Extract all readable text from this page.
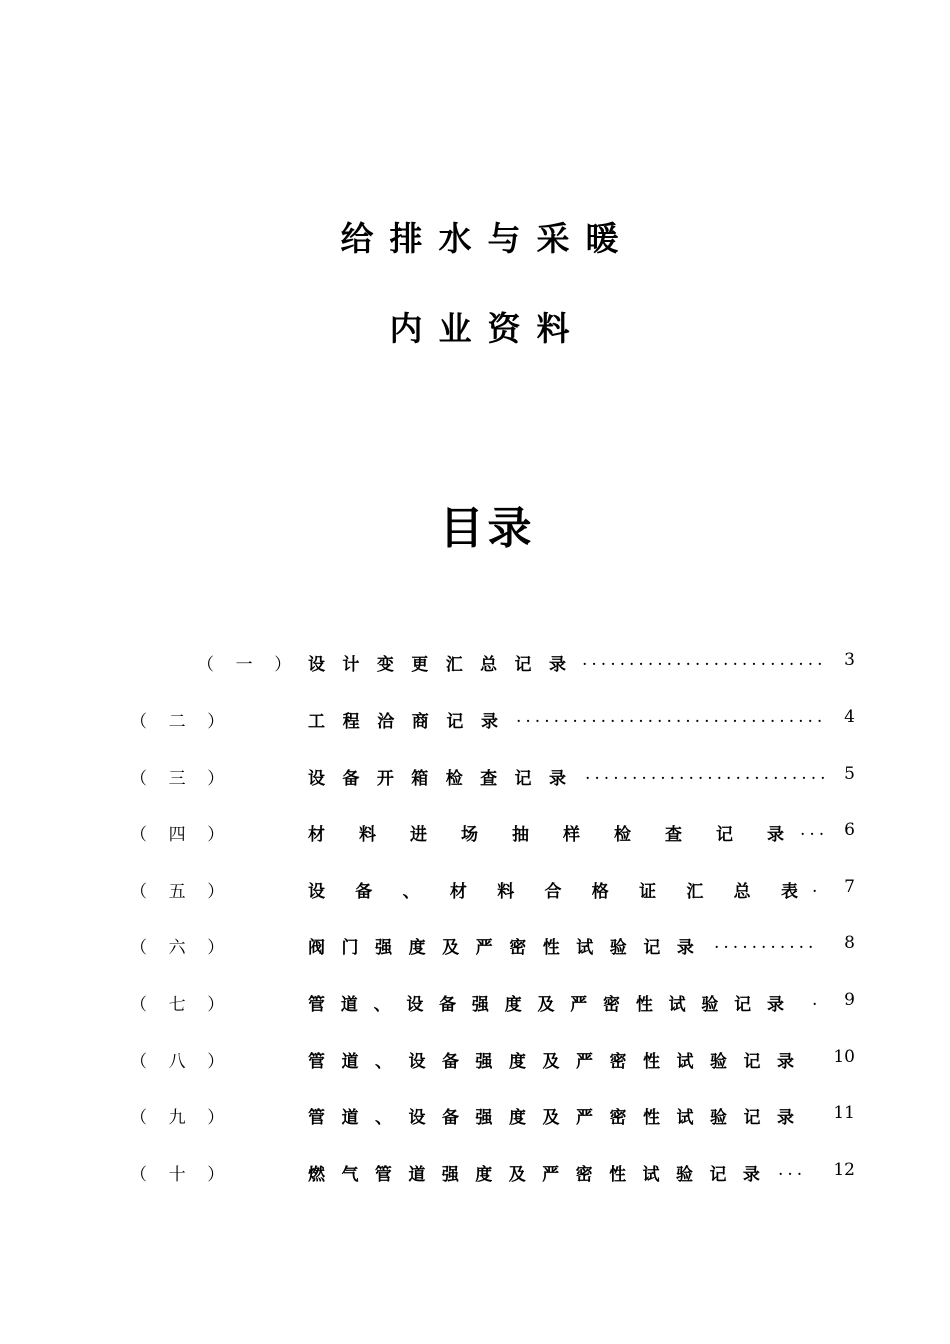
给排水与采暖
内业资料
目录
（    一    ） 设 计 变 更 汇 总 记 录 ..........................	3
（    二    ）	工 程 洽 商 记 录 .................................	4
（    三    ）	设 备 开 箱 检 查 记 录 .......................... 5
（    四    ）	材 料 进 场 抽 样 检 查 记 录 ... 6
（    五    ）	设 备 、 材 料 合 格 证 汇 总 表 .	7
（    六    ）	阀 门 强 度 及 严 密 性 试 验 记 录 ...........	8
（    七    ）	管 道 、 设 备 强 度 及 严 密 性 试 验 记 录 .	9
（    八    ）	管 道 、 设 备 强 度 及 严 密 性 试 验 记 录 10
（    九    ）	管 道 、 设 备 强 度 及 严 密 性 试 验 记 录 11
（    十    ）	燃 气 管 道 强 度 及 严 密 性 试 验 记 录 ...	12
